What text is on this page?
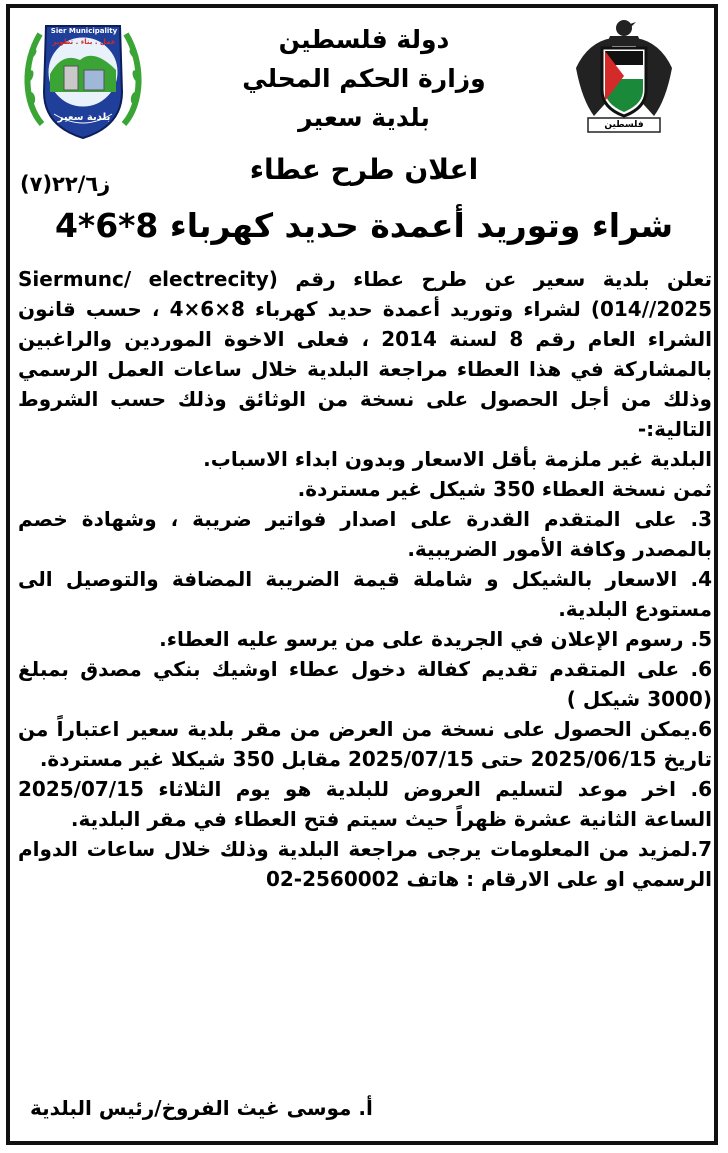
Sier Municipality
عمل . بناء . تطوير
بلدية سعير
دولة فلسطين
وزارة الحكم المحلي
بلدية سعير	فلسطين
اعلان طرح عطاء
ز٢٢/٦(٧)
شراء وتوريد أعمدة حديد كهرباء 8*6*4

تعلن بلدية سعير عن طرح عطاء رقم (Siermunc/ electrecity 014//2025) لشراء وتوريد أعمدة حديد كهرباء 8×6×4 ، حسب قانون الشراء العام رقم 8 لسنة 2014 ، فعلى الاخوة الموردين والراغبين بالمشاركة في هذا العطاء مراجعة البلدية خلال ساعات العمل الرسمي وذلك من أجل الحصول على نسخة من الوثائق وذلك حسب الشروط التالية:-

البلدية غير ملزمة بأقل الاسعار وبدون ابداء الاسباب.

ثمن نسخة العطاء 350 شيكل غير مستردة.

3. على المتقدم القدرة على اصدار فواتير ضريبة ، وشهادة خصم بالمصدر وكافة الأمور الضريبية.

4. الاسعار بالشيكل و شاملة قيمة الضريبة المضافة والتوصيل الى مستودع البلدية.

5. رسوم الإعلان في الجريدة على من يرسو عليه العطاء.

6. على المتقدم تقديم كفالة دخول عطاء اوشيك بنكي مصدق بمبلغ (3000 شيكل )

6.يمكن الحصول على نسخة من العرض من مقر بلدية سعير اعتباراً من تاريخ 2025/06/15 حتى 2025/07/15 مقابل 350 شيكلا غير مستردة.

6. اخر موعد لتسليم العروض للبلدية هو يوم الثلاثاء 2025/07/15 الساعة الثانية عشرة ظهراً حيث سيتم فتح العطاء في مقر البلدية.

7.لمزيد من المعلومات يرجى مراجعة البلدية وذلك خلال ساعات الدوام الرسمي او على الارقام : هاتف 2560002-02

أ. موسى غيث الفروخ/رئيس البلدية
